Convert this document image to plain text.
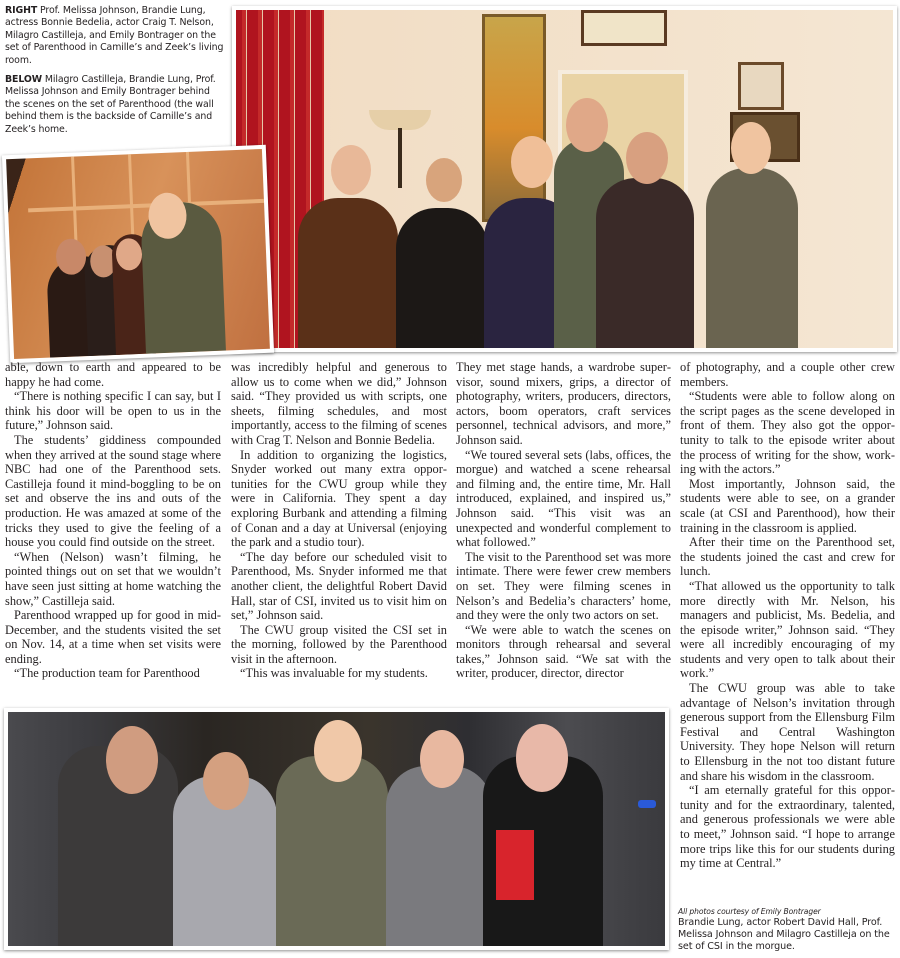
RIGHT Prof. Melissa Johnson, Brandie Lung, actress Bonnie Bedelia, actor Craig T. Nelson, Milagro Castilleja, and Emily Bontrager on the set of Parenthood in Camille’s and Zeek’s living room.

BELOW Milagro Castilleja, Brandie Lung, Prof. Melissa Johnson and Emily Bontrager behind the scenes on the set of Parenthood (the wall behind them is the backside of Camille’s and Zeek’s home.

able, down to earth and appeared to be happy he had come.

“There is nothing specific I can say, but I think his door will be open to us in the future,” Johnson said.

The students’ giddiness compounded when they arrived at the sound stage where NBC had one of the Parenthood sets. Castilleja found it mind-boggling to be on set and observe the ins and outs of the production. He was amazed at some of the tricks they used to give the feeling of a house you could find outside on the street.

“When (Nelson) wasn’t filming, he pointed things out on set that we wouldn’t have seen just sitting at home watching the show,” Castilleja said.

Parenthood wrapped up for good in mid-December, and the students visited the set on Nov. 14, at a time when set visits were ending.

“The production team for Parenthood

was incredibly helpful and generous to allow us to come when we did,” Johnson said. “They provided us with scripts, one sheets, filming schedules, and most importantly, access to the filming of scenes with Crag T. Nelson and Bonnie Bedelia.

In addition to organizing the logistics, Snyder worked out many extra opportunities for the CWU group while they were in California. They spent a day exploring Burbank and attending a filming of Conan and a day at Universal (enjoying the park and a studio tour).

“The day before our scheduled visit to Parenthood, Ms. Snyder informed me that another client, the delightful Robert David Hall, star of CSI, invited us to visit him on set,” Johnson said.

The CWU group visited the CSI set in the morning, followed by the Parenthood visit in the afternoon.

“This was invaluable for my students.

They met stage hands, a wardrobe supervisor, sound mixers, grips, a director of photography, writers, producers, directors, actors, boom operators, craft services personnel, technical advisors, and more,” Johnson said.

“We toured several sets (labs, offices, the morgue) and watched a scene rehearsal and filming and, the entire time, Mr. Hall introduced, explained, and inspired us,” Johnson said. “This visit was an unexpected and wonderful complement to what followed.”

The visit to the Parenthood set was more intimate. There were fewer crew members on set. They were filming scenes in Nelson’s and Bedelia’s characters’ home, and they were the only two actors on set.

“We were able to watch the scenes on monitors through rehearsal and several takes,” Johnson said. “We sat with the writer, producer, director, director

of photography, and a couple other crew members.

“Students were able to follow along on the script pages as the scene developed in front of them. They also got the opportunity to talk to the episode writer about the process of writing for the show, working with the actors.”

Most importantly, Johnson said, the students were able to see, on a grander scale (at CSI and Parenthood), how their training in the classroom is applied.

After their time on the Parenthood set, the students joined the cast and crew for lunch.

“That allowed us the opportunity to talk more directly with Mr. Nelson, his managers and publicist, Ms. Bedelia, and the episode writer,” Johnson said. “They were all incredibly encouraging of my students and very open to talk about their work.”

The CWU group was able to take advantage of Nelson’s invitation through generous support from the Ellensburg Film Festival and Central Washington University. They hope Nelson will return to Ellensburg in the not too distant future and share his wisdom in the classroom.

“I am eternally grateful for this opportunity and for the extraordinary, talented, and generous professionals we were able to meet,” Johnson said. “I hope to arrange more trips like this for our students during my time at Central.”

All photos courtesy of Emily Bontrager
Brandie Lung, actor Robert David Hall, Prof. Melissa Johnson and Milagro Castilleja on the set of CSI in the morgue.
